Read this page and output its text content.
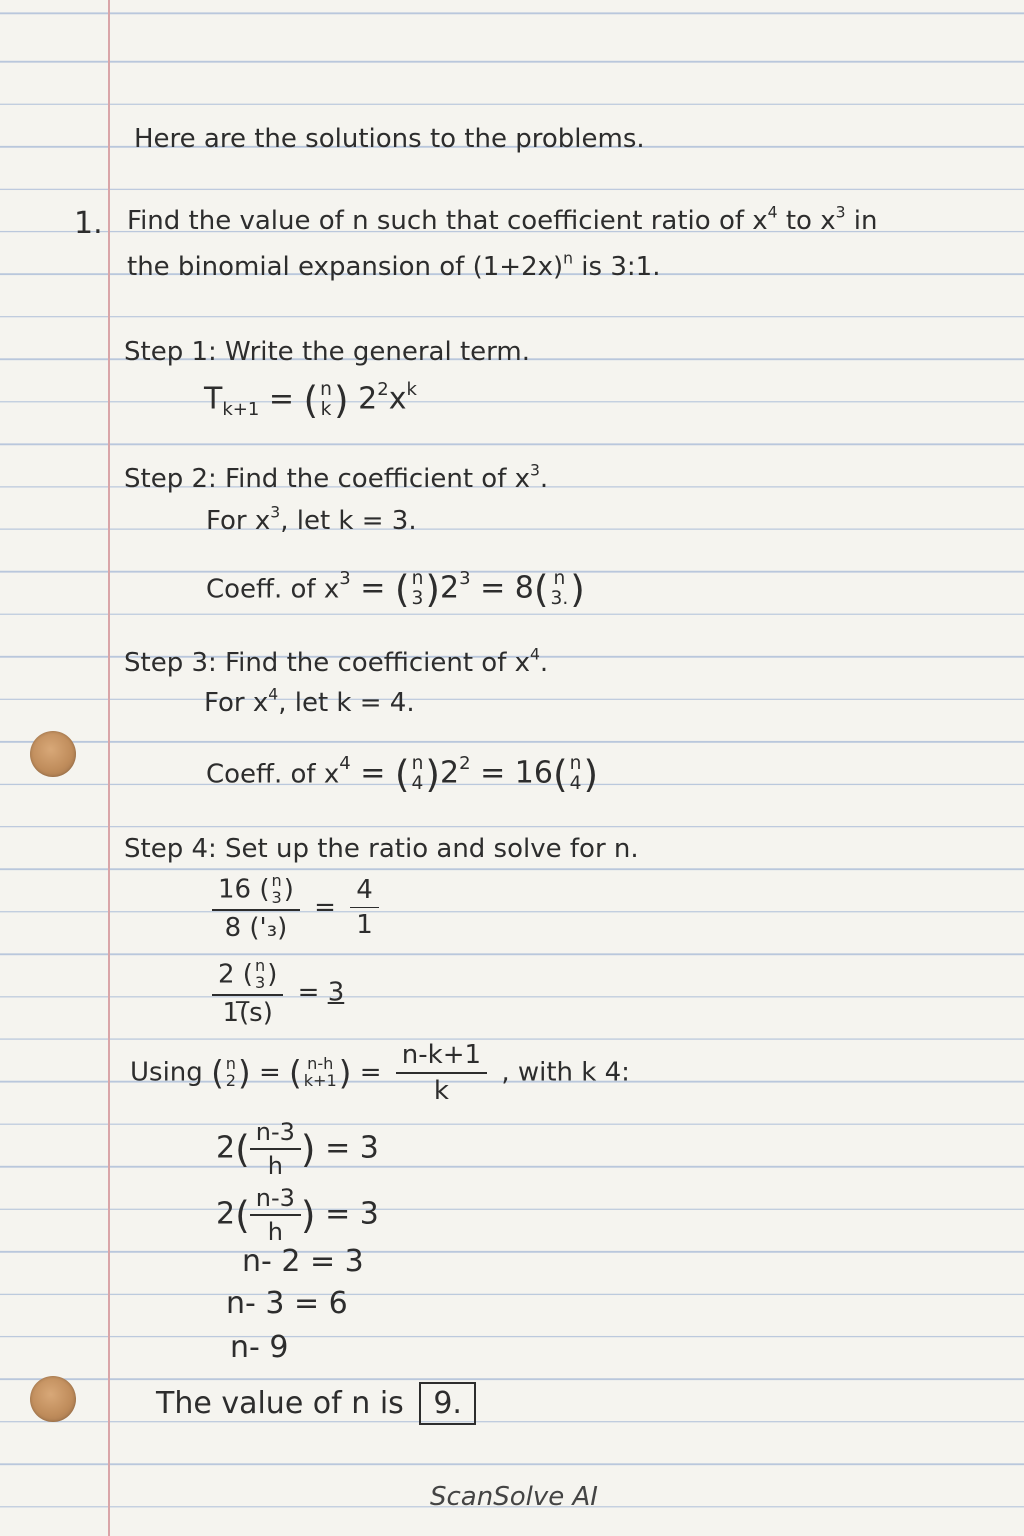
Here are the solutions to the problems.
1. Find the value of n such that coefficient ratio of $x^4$ to $x^3$ in
the binomial expansion of $(1+2x)^n$ is 3:1.
Step 1: Write the general term.
$T_{k+1}$ = ( n
k ) $2^2x^k$
Step 2: Find the coefficient of $x^3$.
For $x^3$, let k = 3.
Coeff. of $x^3$ = ( n
3 )$2^3 = 8$( n
3. )
Step 3: Find the coefficient of $x^4$.
For $x^4$, let k = 4.
Coeff. of $x^4$ = ( n
4 )$2^2 = 16$( n
4 )
Step 4: Set up the ratio and solve for n.
16 ( n
3 )
8 $('_3) = \frac{4}{1}$
2 ( n
3 )
1(̅s) = 3
Using ( n
2 ) = ( n-h
k+1 ) = $\frac{n-k+1}{k}$ , with k 4:
$2( \frac{n-3}{h}$ ) = 3
$2( \frac{n-3}{h}$ ) = 3
n- 2 = 3
n- 3 = 6
n- 9
The value of n is 9.
ScanSolve AI
